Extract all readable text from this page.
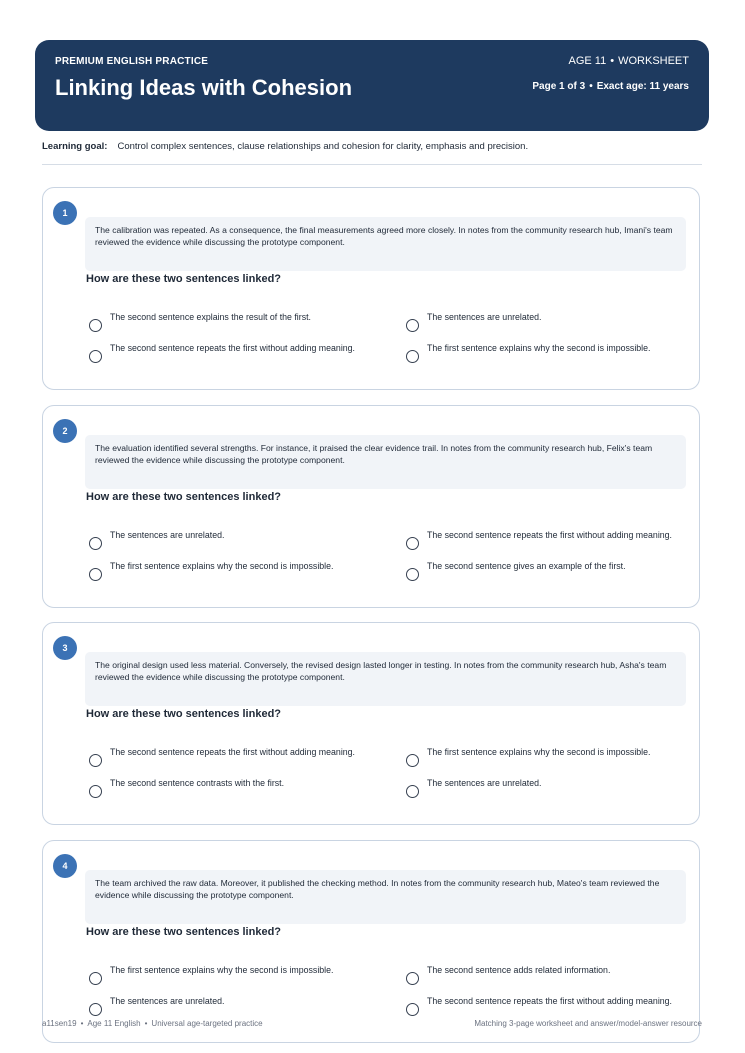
PREMIUM ENGLISH PRACTICE
Linking Ideas with Cohesion
AGE 11 • WORKSHEET
Page 1 of 3 • Exact age: 11 years
Learning goal: Control complex sentences, clause relationships and cohesion for clarity, emphasis and precision.
1
The calibration was repeated. As a consequence, the final measurements agreed more closely. In notes from the community research hub, Imani's team reviewed the evidence while discussing the prototype component.
How are these two sentences linked?
The second sentence explains the result of the first.	The sentences are unrelated.
The second sentence repeats the first without adding meaning.	The first sentence explains why the second is impossible.
2
The evaluation identified several strengths. For instance, it praised the clear evidence trail. In notes from the community research hub, Felix's team reviewed the evidence while discussing the prototype component.
How are these two sentences linked?
The sentences are unrelated.	The second sentence repeats the first without adding meaning.
The first sentence explains why the second is impossible.	The second sentence gives an example of the first.
3
The original design used less material. Conversely, the revised design lasted longer in testing. In notes from the community research hub, Asha's team reviewed the evidence while discussing the prototype component.
How are these two sentences linked?
The second sentence repeats the first without adding meaning.	The first sentence explains why the second is impossible.
The second sentence contrasts with the first.	The sentences are unrelated.
4
The team archived the raw data. Moreover, it published the checking method. In notes from the community research hub, Mateo's team reviewed the evidence while discussing the prototype component.
How are these two sentences linked?
The first sentence explains why the second is impossible.	The second sentence adds related information.
The sentences are unrelated.	The second sentence repeats the first without adding meaning.
a11sen19 • Age 11 English • Universal age-targeted practice	Matching 3-page worksheet and answer/model-answer resource
